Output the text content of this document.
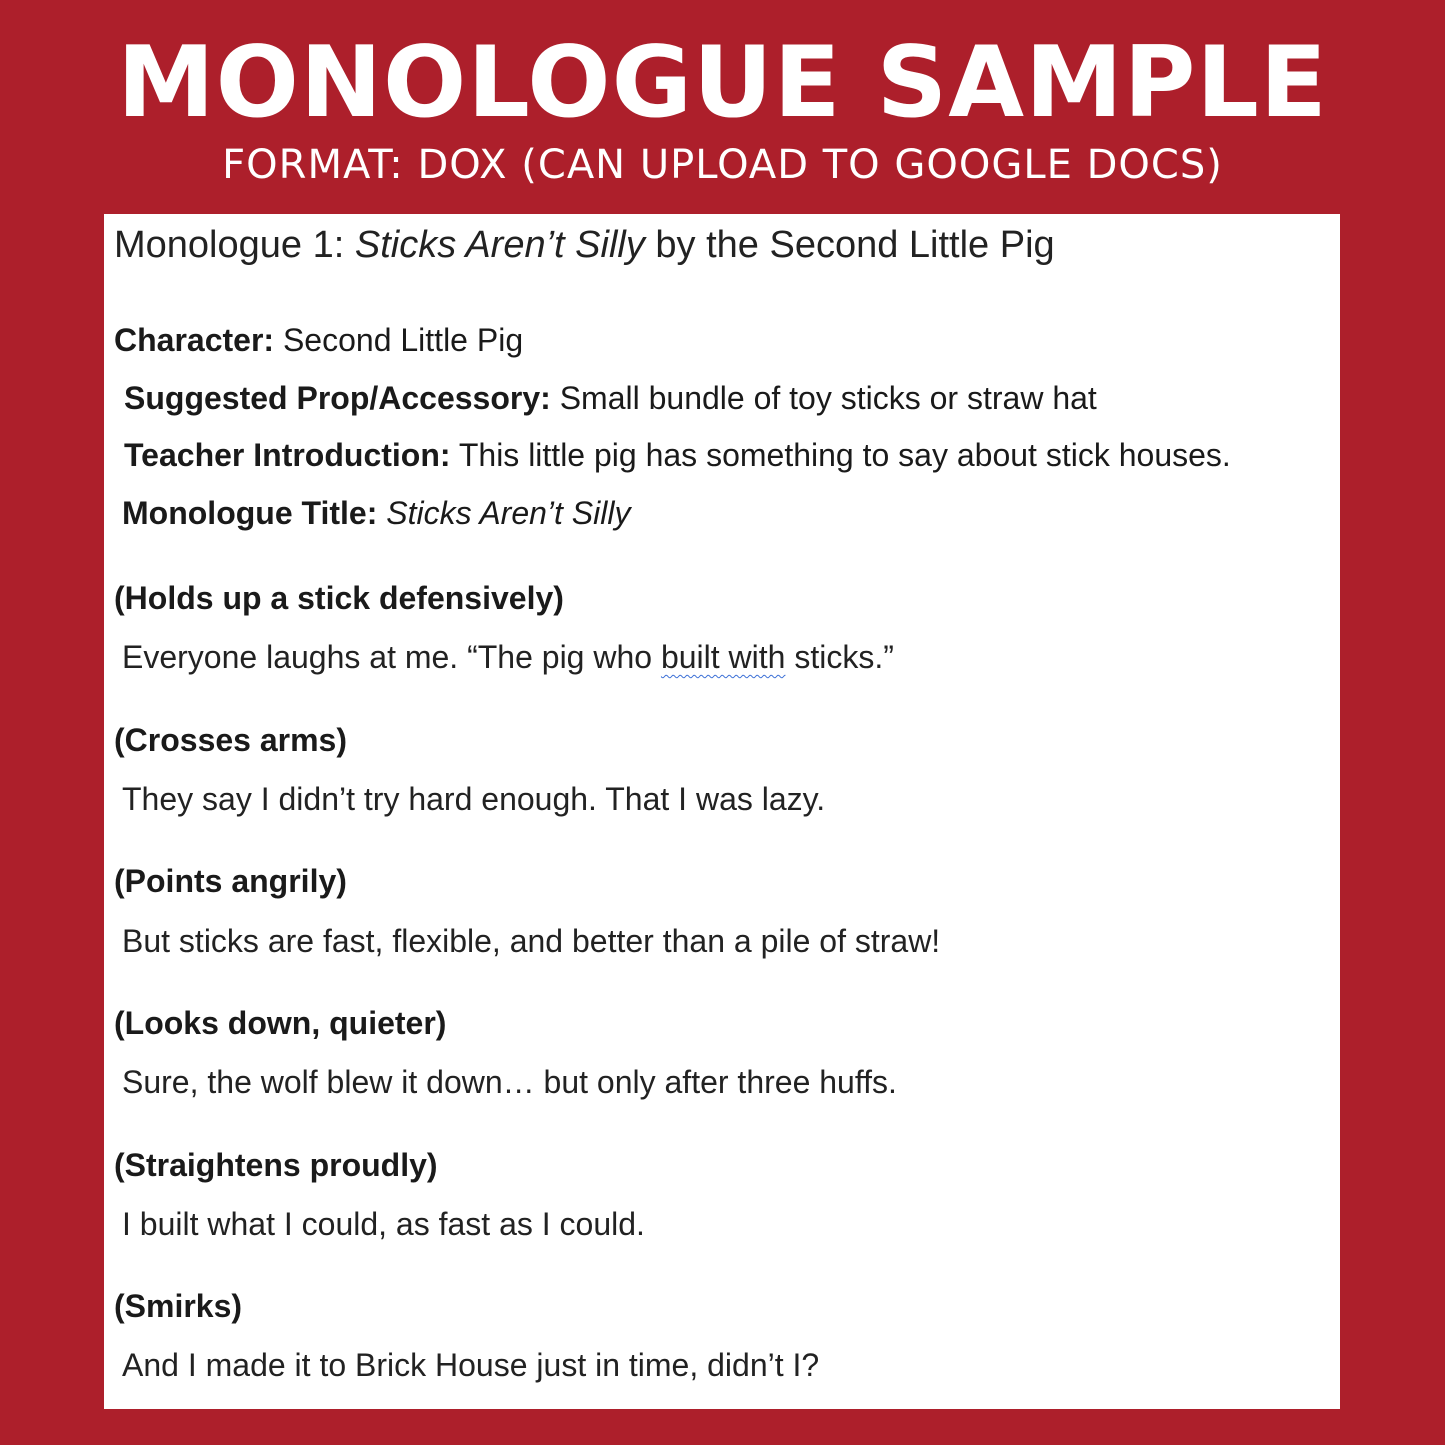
MONOLOGUE SAMPLE
FORMAT: DOX (CAN UPLOAD TO GOOGLE DOCS)
Monologue 1: Sticks Aren’t Silly by the Second Little Pig
Character: Second Little Pig
Suggested Prop/Accessory: Small bundle of toy sticks or straw hat
Teacher Introduction: This little pig has something to say about stick houses.
Monologue Title: Sticks Aren’t Silly
(Holds up a stick defensively)
Everyone laughs at me. “The pig who built with sticks.”
(Crosses arms)
They say I didn’t try hard enough. That I was lazy.
(Points angrily)
But sticks are fast, flexible, and better than a pile of straw!
(Looks down, quieter)
Sure, the wolf blew it down… but only after three huffs.
(Straightens proudly)
I built what I could, as fast as I could.
(Smirks)
And I made it to Brick House just in time, didn’t I?
